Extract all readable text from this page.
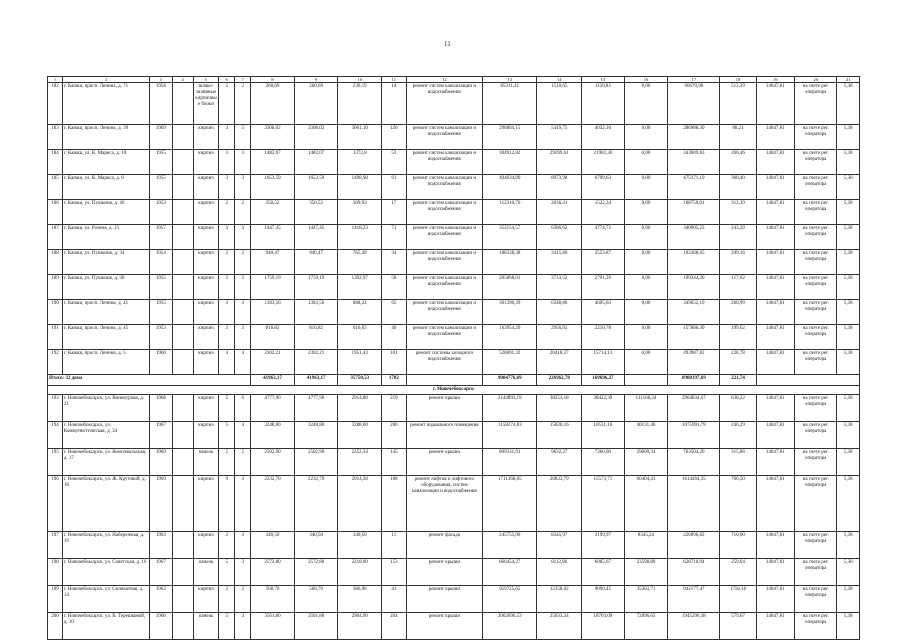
11
1	2	3	4	5	6	7	8	9	10	11	12	13	14	15	16	17	18	19	20	21
182	г. Канаш, просп. Ленина, д. 71	1958		шлако-заливные кирпичные блоки	2	2	260,69	260,69	230,19	14	ремонт систем канализации и водоснабжения	85311,41	1510,65	1120,83	0,00	90670,96	512,39	14047,81	на счете рег. оператора	5,38
183	г. Канаш, просп. Ленина, д. 39	1969		кирпич	4	5	3308,02	3308,02	3061,10	126	ремонт систем канализации и водоснабжения	298864,15	5419,75	4032,10	0,00	286988,30	88,21	14047,81	на счете рег. оператора	5,38
184	г. Канаш, ул. К. Маркса, д. 10	1955		кирпич	3	3	1482,07	1482,07	1372,8	53	ремонт систем канализации и водоснабжения	304912,82	29299,61	21902,36	0,00	343609,83	266,46	14047,81	на счете рег. оператора	5,38
185	г. Канаш, ул. К. Маркса, д. 6	1955		кирпич	3	3	1653,59	1653,59	1498,98	61	ремонт систем канализации и водоснабжения	494634,80	8973,98	6799,63	0,00	475171,19	360,40	14047,81	на счете рег. оператора	5,38
186	г. Канаш, ул. Пушкина, д. 46	1953		кирпич	2	2	350,52	350,52	309,93	17	ремонт систем канализации и водоснабжения	112310,76	2036,41	1522,34	0,00	108750,01	312,39	14047,81	на счете рег. оператора	5,38
187	г. Канаш, ул. Разина, д. 13	1957		кирпич	3	3	1447,45	1447,45	1418,23	71	ремонт систем канализации и водоснабжения	352154,57	6386,62	4774,72	0,00	340905,23	243,29	14047,81	на счете рег. оператора	5,38
188	г. Канаш, ул. Пушкина, д. 34	1954		кирпич	2	2	940,47	940,47	765,49	34	ремонт систем канализации и водоснабжения	188338,38	3415,80	2553,87	0,00	192368,65	209,16	14047,81	на счете рег. оператора	5,38
189	г. Канаш, ул. Пушкина, д. 30	1955		кирпич	3	3	1759,19	1759,19	1392,97	58	ремонт систем канализации и водоснабжения	205868,01	3733,52	2791,29	0,00	199344,20	117,02	14047,81	на счете рег. оператора	5,38
190	г. Канаш, просп. Ленина, д. 41	1955		кирпич	3	3	1383,56	1383,56	888,24	65	ремонт систем канализации и водоснабжения	361396,39	6348,86	4695,63	0,00	349652,10	260,99	14047,81	на счете рег. оператора	5,38
191	г. Канаш, просп. Ленина, д. 45	1953		кирпич	3	3	816,82	816,82	616,63	46	ремонт систем канализации и водоснабжения	163954,20	2956,92	2210,78	0,00	157886,30	199,62	14047,81	на счете рег. оператора	5,38
192	г. Канаш, просп. Ленина, д. 5	1960		кирпич	4	4	2302,21	2302,21	1951,43	101	ремонт системы холодного водоснабжения	528691,32	20418,37	15714,13	0,00	493987,82	228,78	14047,81	на счете рег. оператора	5,38
Итого: 32 дома							41963,17	41963,17	35750,53	1702		9004776,69	226962,78	169696,27		8908197,69	221,74			
г. Новочебоксарск																				
193	г. Новочебоксарск, ул. Винокурова, д. 21	1968		кирпич	5	6	4777,90	4777,90	2914,80	219	ремонт крыши	2144893,19	38253,18	28422,39	111168,24	2964834,67	638,22	14047,81	на счете рег. оператора	5,38
194	г. Новочебоксарск, ул. Коммунистическая, д. 34	1967		кирпич	5	4	3248,80	3248,80	3288,00	206	ремонт подвального помещения	1158274,83	15820,16	10531,16	40131,46	1075991,79	246,29	14047,81	на счете рег. оператора	5,38
195	г. Новочебоксарск, ул. Комсомольская, д. 17	1969		панель	5	5	2502,90	2502,90	2252,34	145	ремонт крыши	809331,91	9832,27	7360,00	29609,34	763504,20	315,86	14047,81	на счете рег. оператора	5,38
196	г. Новочебоксарск, ул. Ж. Крутовой, д. 18	1969		кирпич	9	3	2232,70	2232,70	2014,30	108	ремонт лифтов и лифтового оборудования, систем канализации и водоснабжения	1711368,05	20833,79	15573,71	60404,41	1614464,35	766,50	14047,81	на счете рег. оператора	5,38
197	г. Новочебоксарск, ул. Набережная, д. 19	1963		кирпич	2	3	340,50	340,50	340,50	11	ремонт фасада	245755,00	8345,97	2199,97	8345,24	226096,82	710,00	14047,81	на счете рег. оператора	5,38
198	г. Новочебоксарск, ул. Советская, д. 16	1967		панель	5	3	2572,80	2572,80	2218,00	153	ремонт крыши	666454,27	8112,86	6065,67	23598,80	628716,94	259,04	14047,81	на счете рег. оператора	5,38
199	г. Новочебоксарск, ул. Силикатная, д. 14	1963		кирпич	2	2	568,70	568,70	386,90	41	ремонт крыши	959725,65	12158,02	9090,45	35303,71	942177,47	1756,16	14047,81	на счете рег. оператора	5,38
200	г. Новочебоксарск, ул. В. Терешковой, д. 10	1966		панель	5	4	3561,80	3561,80	2904,90	264	ремонт крыши	2062696,53	25033,24	18703,09	72896,65	1945296,38	579,67	14047,81	на счете рег. оператора	5,38
